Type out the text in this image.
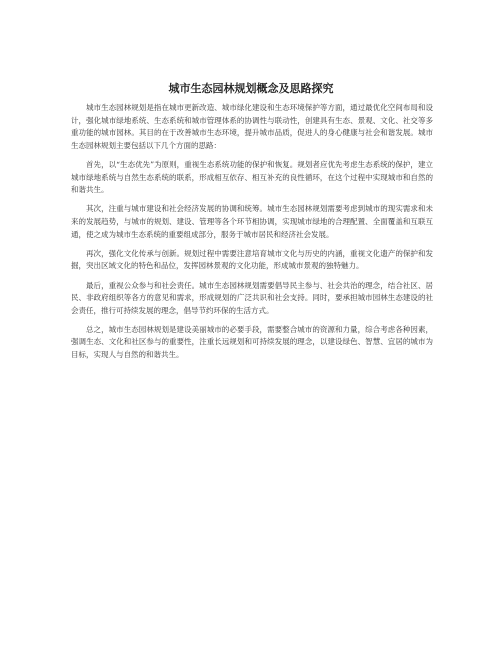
城市生态园林规划概念及思路探究

城市生态园林规划是指在城市更新改造、城市绿化建设和生态环境保护等方面，通过最优化空间布局和设计，强化城市绿地系统、生态系统和城市管理体系的协调性与联动性，创建具有生态、景观、文化、社交等多重功能的城市园林。其目的在于改善城市生态环境，提升城市品质，促进人的身心健康与社会和谐发展。城市生态园林规划主要包括以下几个方面的思路：

首先，以“生态优先”为原则，重视生态系统功能的保护和恢复。规划者应优先考虑生态系统的保护，建立城市绿地系统与自然生态系统的联系，形成相互依存、相互补充的良性循环，在这个过程中实现城市和自然的和谐共生。

其次，注重与城市建设和社会经济发展的协调和统筹。城市生态园林规划需要考虑到城市的现实需求和未来的发展趋势，与城市的规划、建设、管理等各个环节相协调，实现城市绿地的合理配置、全面覆盖和互联互通，使之成为城市生态系统的重要组成部分，服务于城市居民和经济社会发展。

再次，强化文化传承与创新。规划过程中需要注意培育城市文化与历史的内涵，重视文化遗产的保护和发掘，突出区域文化的特色和品位，发挥园林景观的文化功能，形成城市景观的独特魅力。

最后，重视公众参与和社会责任。城市生态园林规划需要倡导民主参与、社会共治的理念，结合社区、居民、非政府组织等各方的意见和需求，形成规划的广泛共识和社会支持。同时，要承担城市园林生态建设的社会责任，推行可持续发展的理念，倡导节约环保的生活方式。

总之，城市生态园林规划是建设美丽城市的必要手段，需要整合城市的资源和力量，综合考虑各种因素，强调生态、文化和社区参与的重要性，注重长远规划和可持续发展的理念，以建设绿色、智慧、宜居的城市为目标，实现人与自然的和谐共生。
